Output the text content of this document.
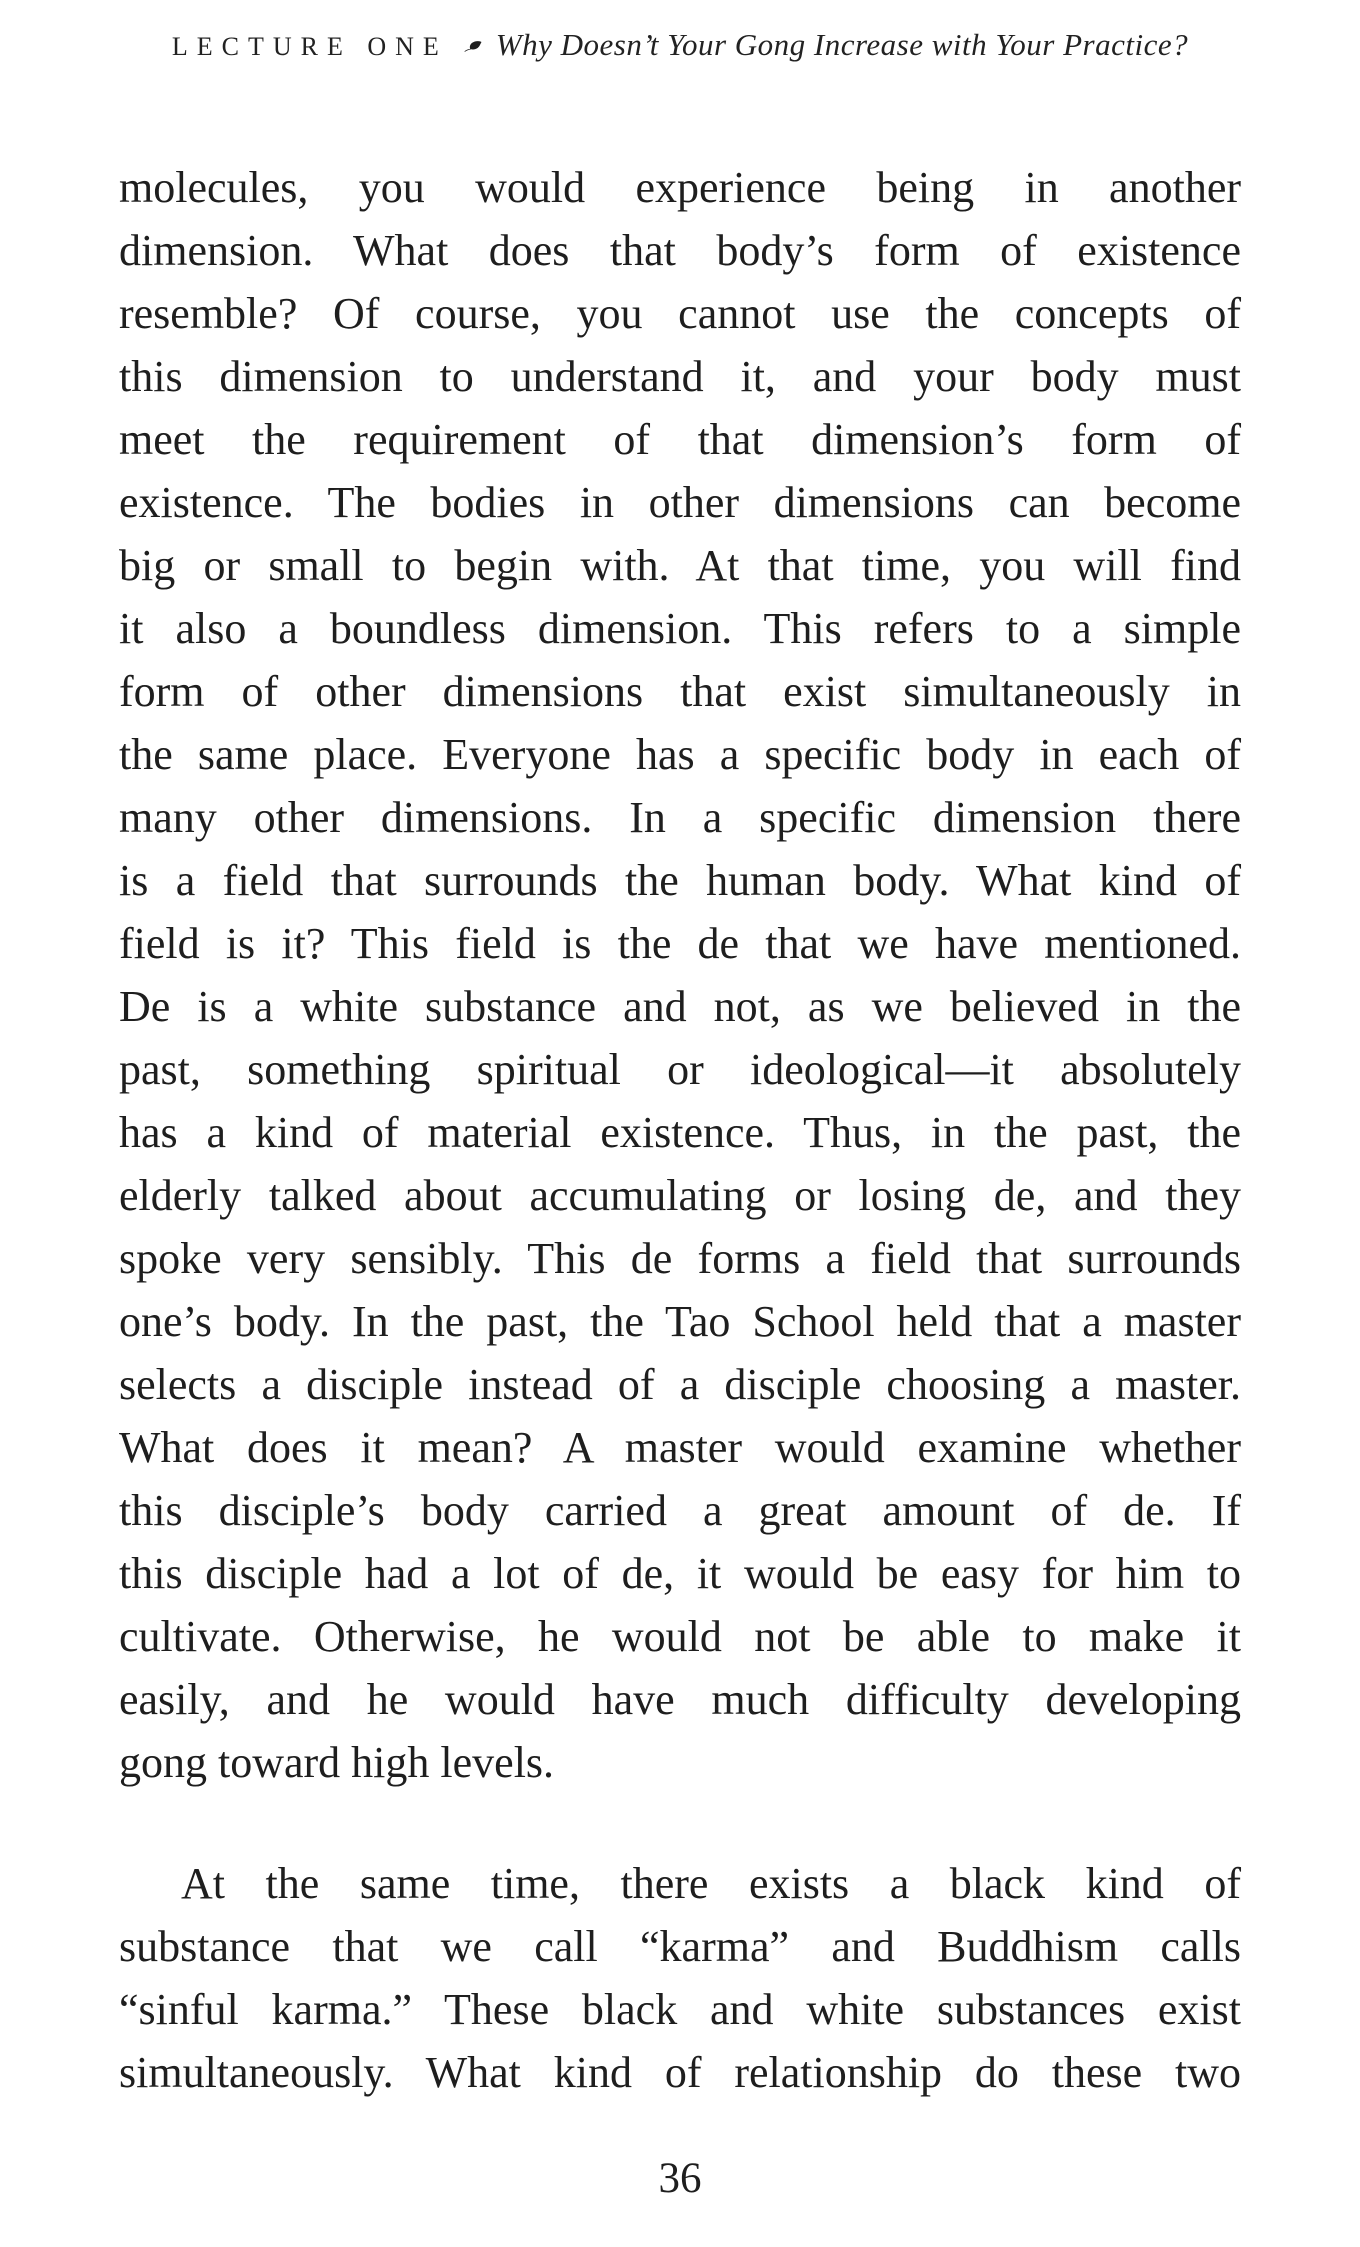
LECTURE ONE Why Doesn’t Your Gong Increase with Your Practice?
molecules, you would experience being in another
dimension. What does that body’s form of existence
resemble? Of course, you cannot use the concepts of
this dimension to understand it, and your body must
meet the requirement of that dimension’s form of
existence. The bodies in other dimensions can become
big or small to begin with. At that time, you will find
it also a boundless dimension. This refers to a simple
form of other dimensions that exist simultaneously in
the same place. Everyone has a specific body in each of
many other dimensions. In a specific dimension there
is a field that surrounds the human body. What kind of
field is it? This field is the de that we have mentioned.
De is a white substance and not, as we believed in the
past, something spiritual or ideological—it absolutely
has a kind of material existence. Thus, in the past, the
elderly talked about accumulating or losing de, and they
spoke very sensibly. This de forms a field that surrounds
one’s body. In the past, the Tao School held that a master
selects a disciple instead of a disciple choosing a master.
What does it mean? A master would examine whether
this disciple’s body carried a great amount of de. If
this disciple had a lot of de, it would be easy for him to
cultivate. Otherwise, he would not be able to make it
easily, and he would have much difficulty developing
gong toward high levels.
At the same time, there exists a black kind of
substance that we call “karma” and Buddhism calls
“sinful karma.” These black and white substances exist
simultaneously. What kind of relationship do these two
36
